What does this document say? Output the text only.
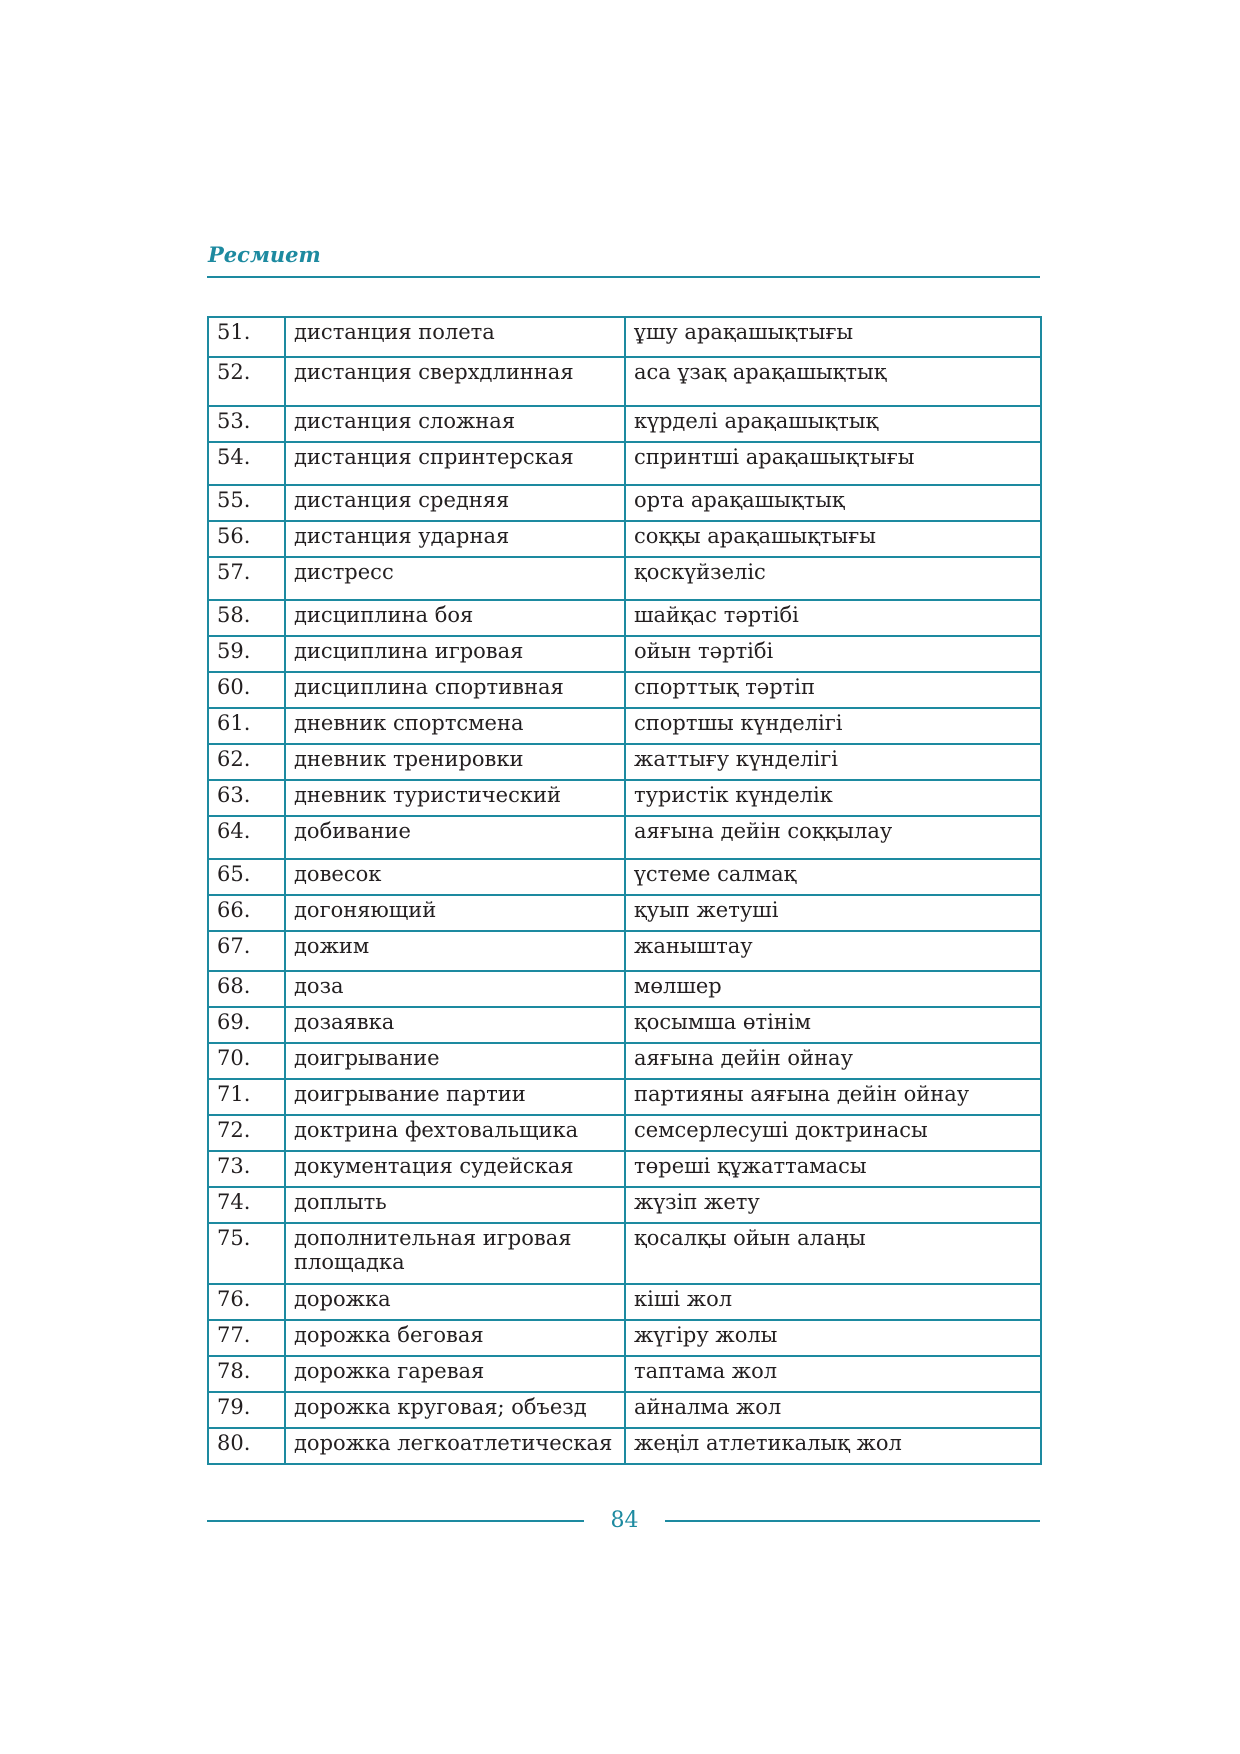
Ресмиет
51.	дистанция полета	ұшу арақашықтығы
52.	дистанция сверхдлинная	аса ұзақ арақашықтық
53.	дистанция сложная	күрделі арақашықтық
54.	дистанция спринтерская	спринтші арақашықтығы
55.	дистанция средняя	орта арақашықтық
56.	дистанция ударная	соққы арақашықтығы
57.	дистресс	қоскүйзеліс
58.	дисциплина боя	шайқас тәртібі
59.	дисциплина игровая	ойын тәртібі
60.	дисциплина спортивная	спорттық тәртіп
61.	дневник спортсмена	спортшы күнделігі
62.	дневник тренировки	жаттығу күнделігі
63.	дневник туристический	туристік күнделік
64.	добивание	аяғына дейін соққылау
65.	довесок	үстеме салмақ
66.	догоняющий	қуып жетуші
67.	дожим	жаныштау
68.	доза	мөлшер
69.	дозаявка	қосымша өтінім
70.	доигрывание	аяғына дейін ойнау
71.	доигрывание партии	партияны аяғына дейін ойнау
72.	доктрина фехтовальщика	семсерлесуші доктринасы
73.	документация судейская	төреші құжаттамасы
74.	доплыть	жүзіп жету
75.	дополнительная игровая площадка	қосалқы ойын алаңы
76.	дорожка	кіші жол
77.	дорожка беговая	жүгіру жолы
78.	дорожка гаревая	таптама жол
79.	дорожка круговая; объезд	айналма жол
80.	дорожка легкоатлетическая	жеңіл атлетикалық жол
84
